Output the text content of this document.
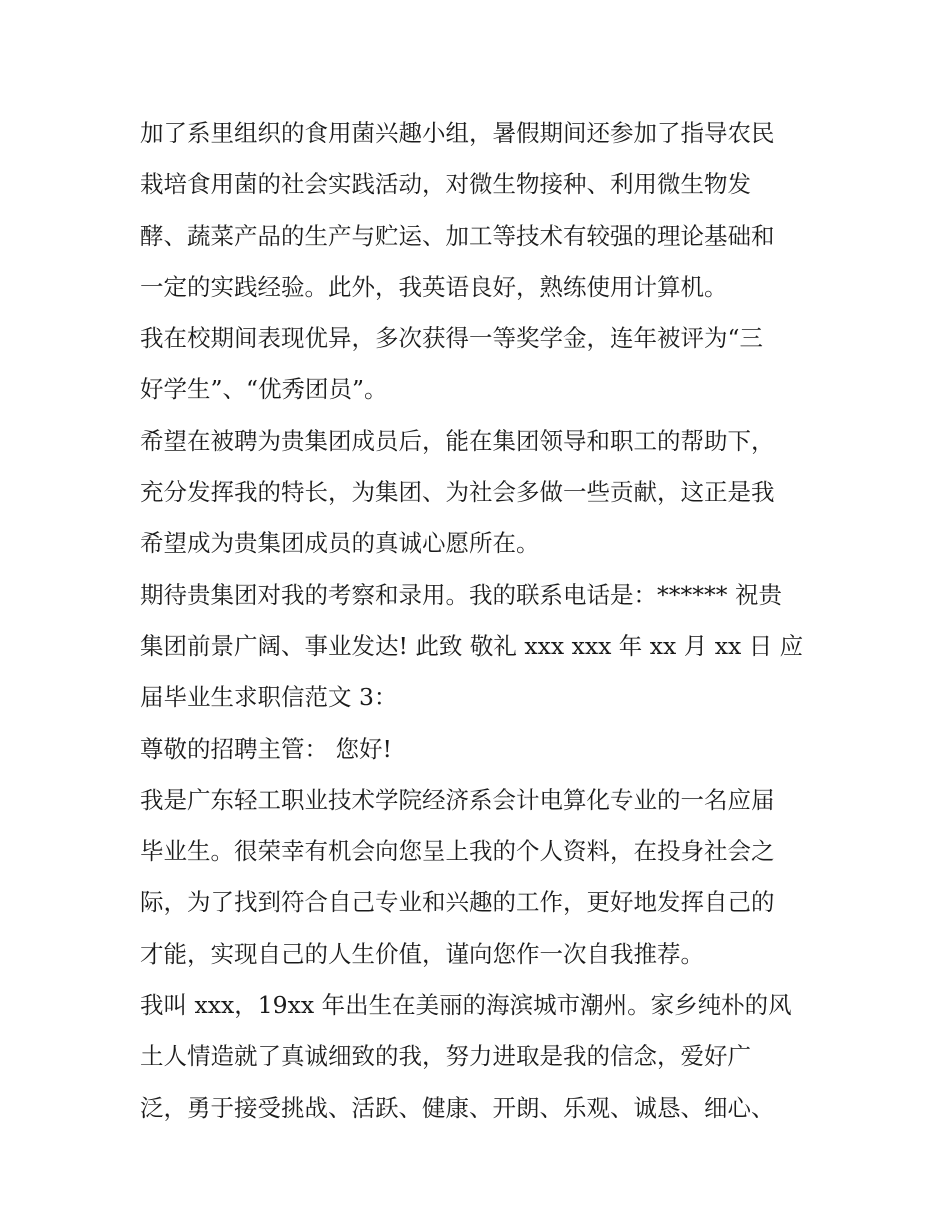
加了系里组织的食用菌兴趣小组，暑假期间还参加了指导农民
栽培食用菌的社会实践活动，对微生物接种、利用微生物发
酵、蔬菜产品的生产与贮运、加工等技术有较强的理论基础和
一定的实践经验。此外，我英语良好，熟练使用计算机。
我在校期间表现优异，多次获得一等奖学金，连年被评为“三
好学生”、“优秀团员”。
希望在被聘为贵集团成员后，能在集团领导和职工的帮助下，
充分发挥我的特长，为集团、为社会多做一些贡献，这正是我
希望成为贵集团成员的真诚心愿所在。
期待贵集团对我的考察和录用。我的联系电话是：****** 祝贵
集团前景广阔、事业发达! 此致 敬礼 xxx xxx 年 xx 月 xx 日 应
届毕业生求职信范文 3：
尊敬的招聘主管： 您好!
我是广东轻工职业技术学院经济系会计电算化专业的一名应届
毕业生。很荣幸有机会向您呈上我的个人资料，在投身社会之
际，为了找到符合自己专业和兴趣的工作，更好地发挥自己的
才能，实现自己的人生价值，谨向您作一次自我推荐。
我叫 xxx，19xx 年出生在美丽的海滨城市潮州。家乡纯朴的风
土人情造就了真诚细致的我，努力进取是我的信念，爱好广
泛，勇于接受挑战、活跃、健康、开朗、乐观、诚恳、细心、
